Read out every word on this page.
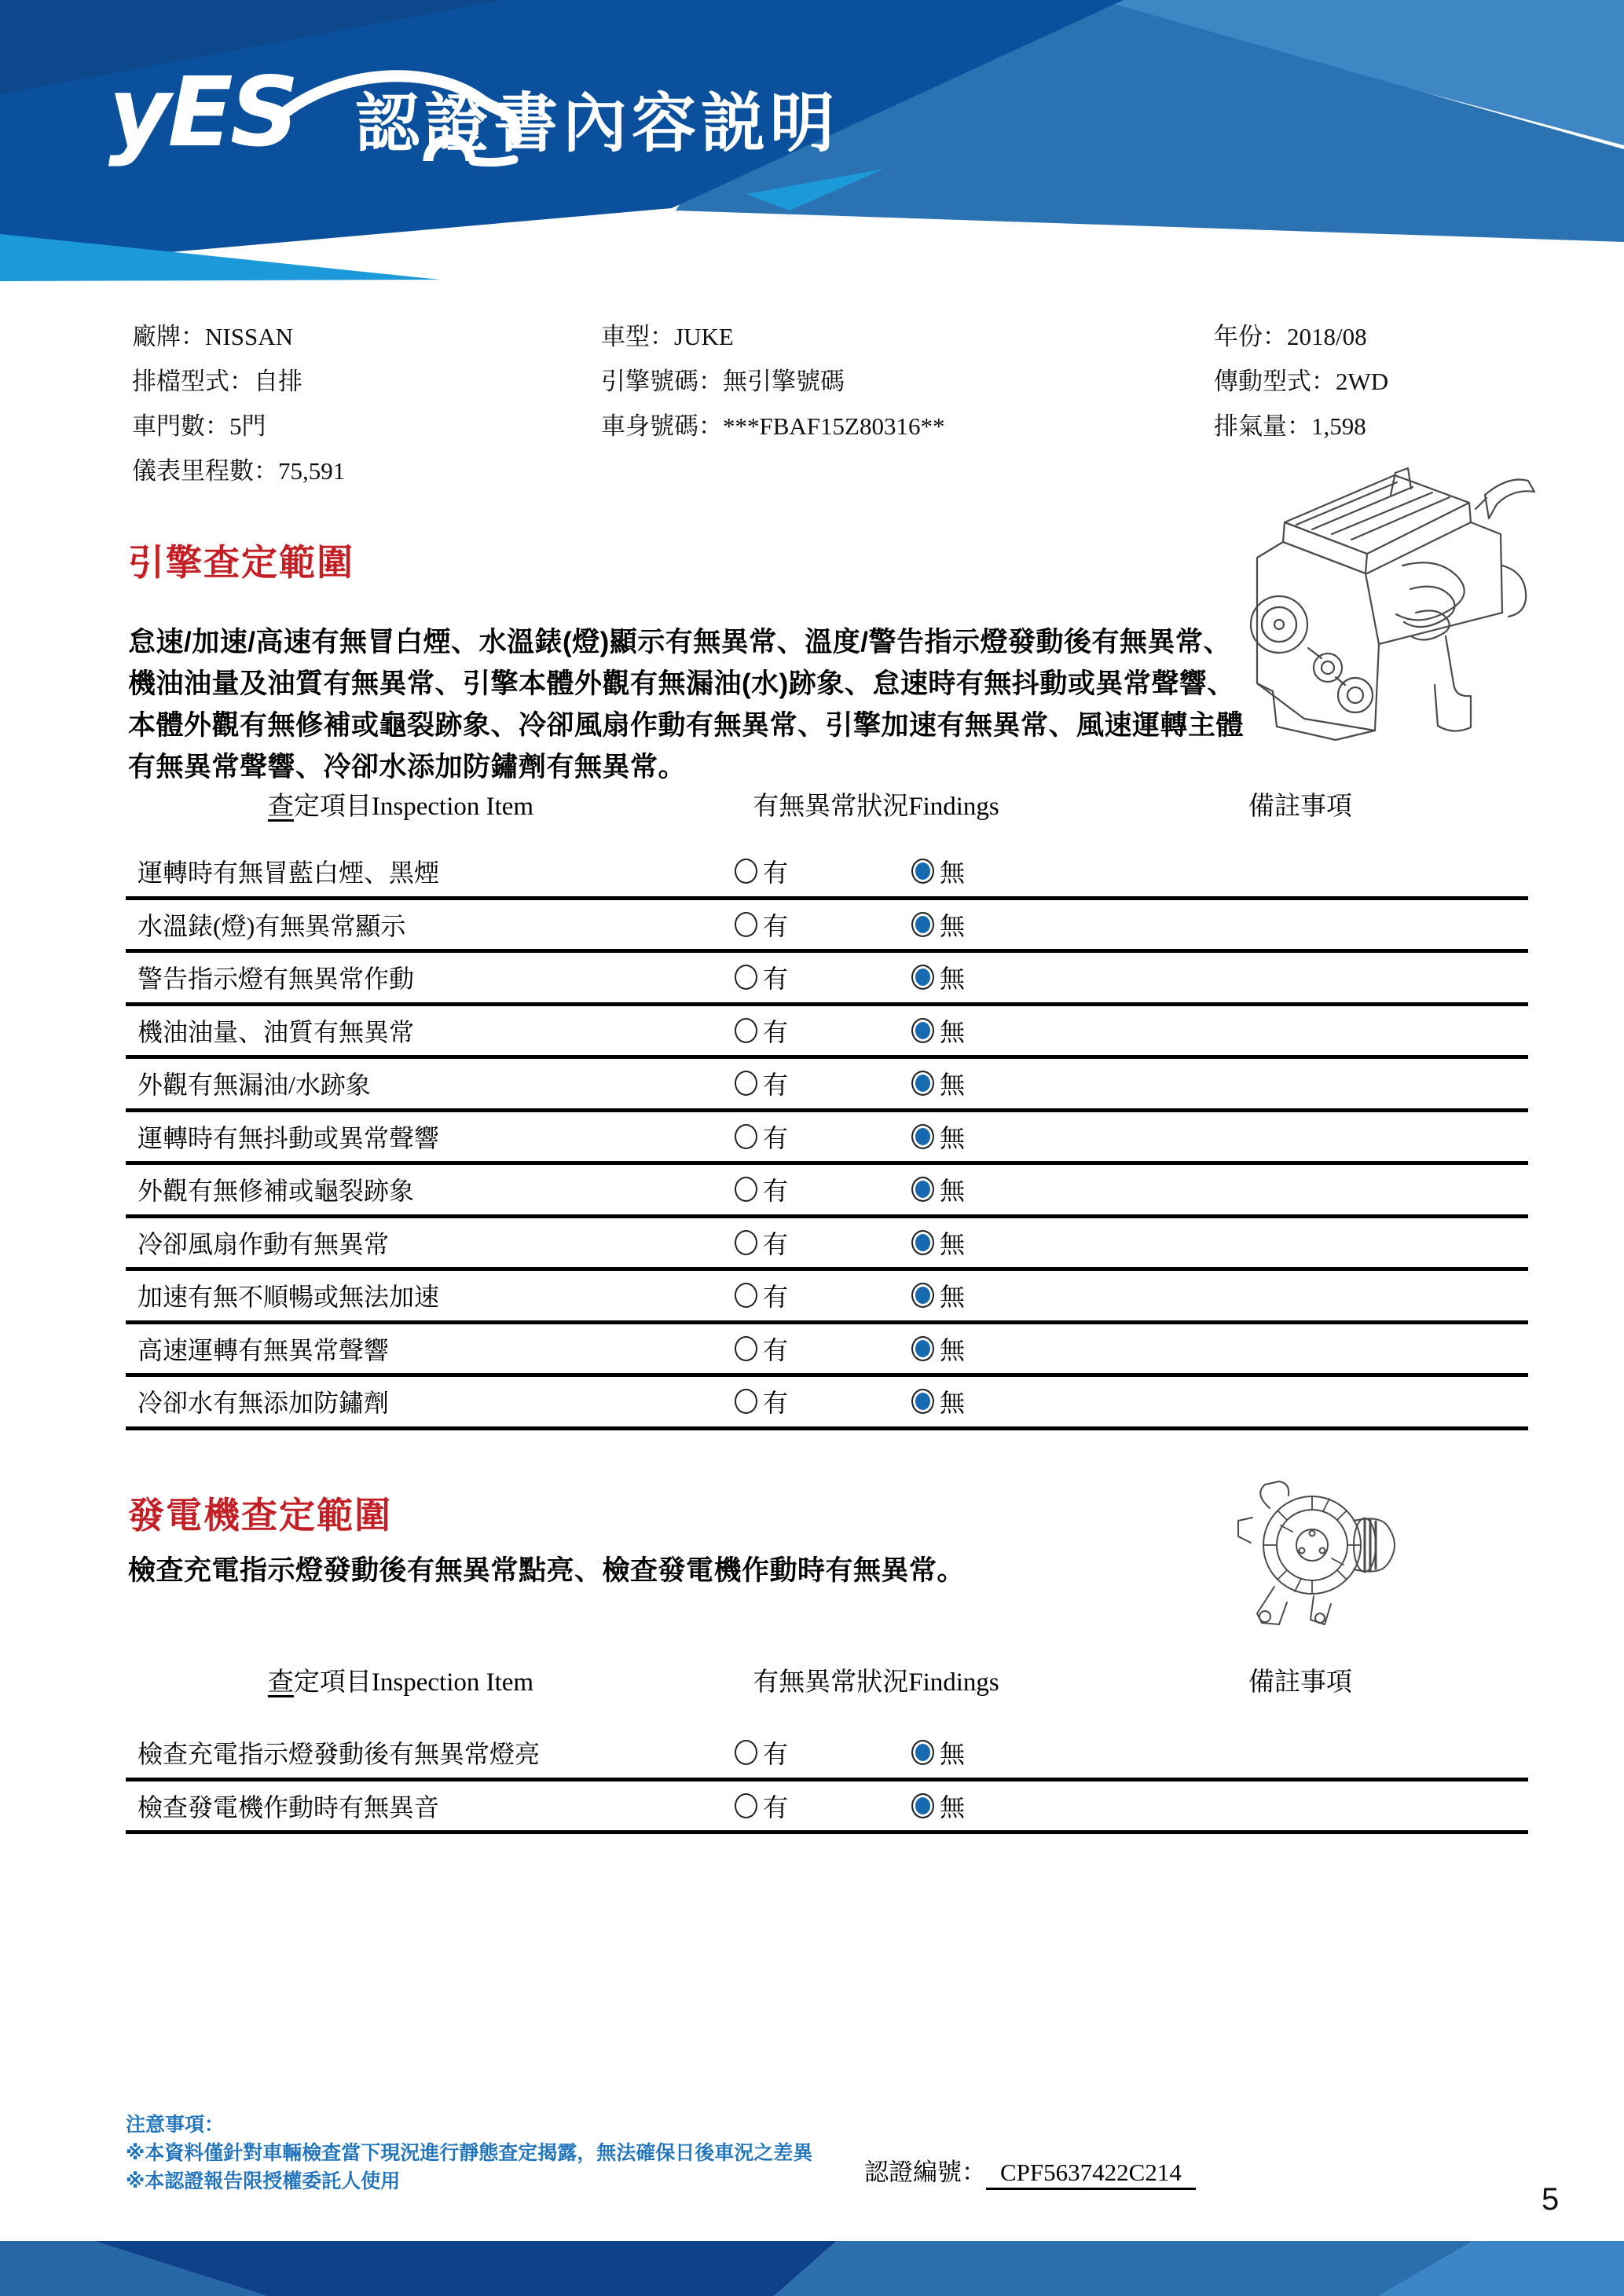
yES 認證書內容説明
廠牌：NISSAN
排檔型式：自排
車門數：5門
儀表里程數：75,591
車型：JUKE
引擎號碼：無引擎號碼
車身號碼：***FBAF15Z80316**
年份：2018/08
傳動型式：2WD
排氣量：1,598
引擎查定範圍
怠速/加速/高速有無冒白煙、水溫錶(燈)顯示有無異常、溫度/警告指示燈發動後有無異常、
機油油量及油質有無異常、引擎本體外觀有無漏油(水)跡象、怠速時有無抖動或異常聲響、
本體外觀有無修補或龜裂跡象、冷卻風扇作動有無異常、引擎加速有無異常、風速運轉主體
有無異常聲響、冷卻水添加防鏽劑有無異常。
查定項目Inspection Item	有無異常狀況Findings	備註事項
運轉時有無冒藍白煙、黑煙	有	無
水溫錶(燈)有無異常顯示	有	無
警告指示燈有無異常作動	有	無
機油油量、油質有無異常	有	無
外觀有無漏油/水跡象	有	無
運轉時有無抖動或異常聲響	有	無
外觀有無修補或龜裂跡象	有	無
冷卻風扇作動有無異常	有	無
加速有無不順暢或無法加速	有	無
高速運轉有無異常聲響	有	無
冷卻水有無添加防鏽劑	有	無
發電機查定範圍
檢查充電指示燈發動後有無異常點亮、檢查發電機作動時有無異常。
查定項目Inspection Item	有無異常狀況Findings	備註事項
檢查充電指示燈發動後有無異常燈亮	有	無
檢查發電機作動時有無異音	有	無
注意事項：
※本資料僅針對車輛檢查當下現況進行靜態查定揭露，無法確保日後車況之差異
※本認證報告限授權委託人使用	認證編號： CPF5637422C214
5
